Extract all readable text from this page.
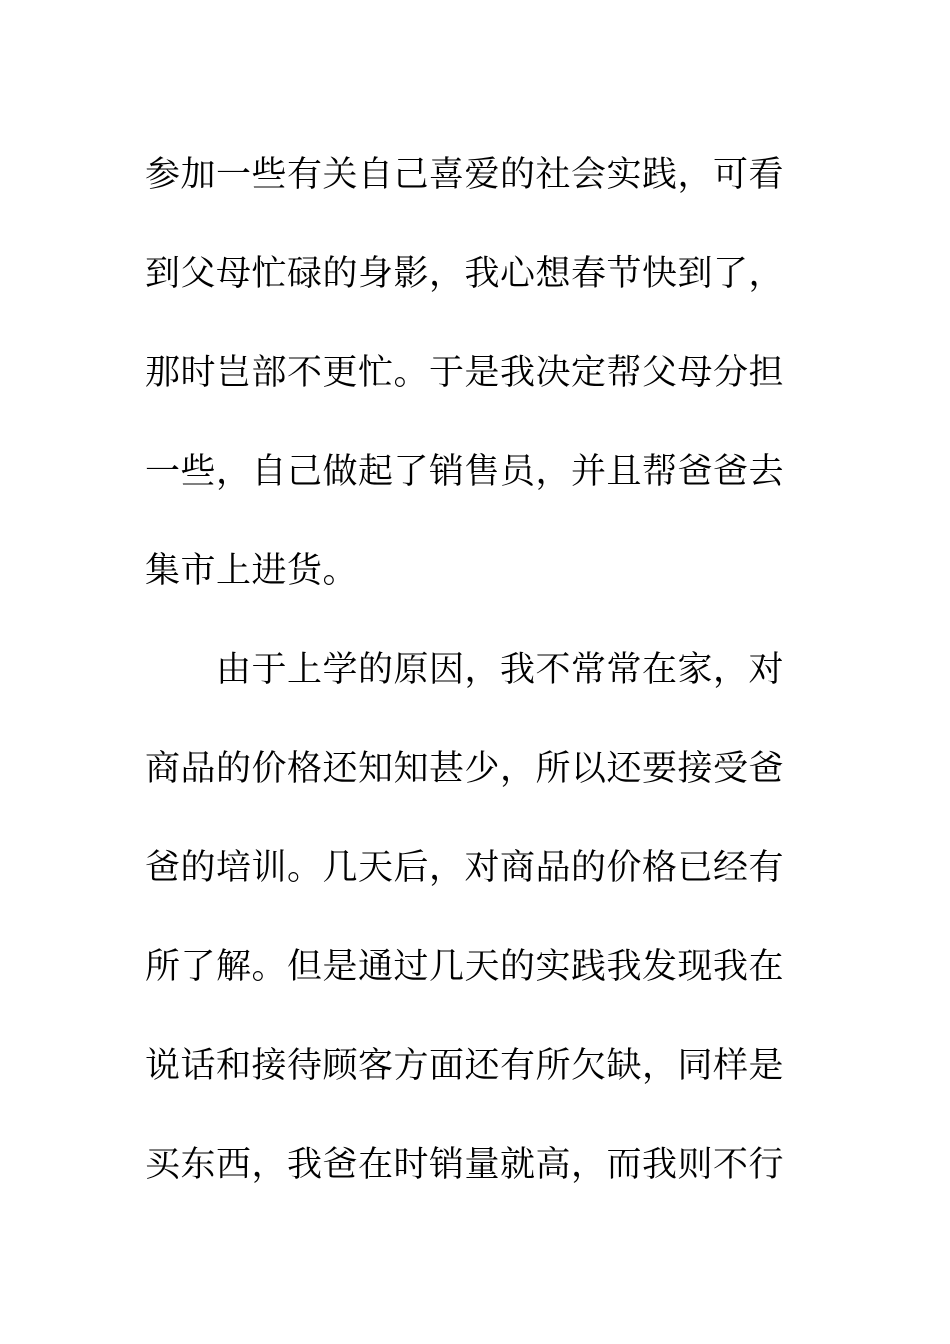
参加一些有关自己喜爱的社会实践，可看
到父母忙碌的身影，我心想春节快到了，
那时岂部不更忙。于是我决定帮父母分担
一些，自己做起了销售员，并且帮爸爸去
集市上进货。
由于上学的原因，我不常常在家，对
商品的价格还知知甚少，所以还要接受爸
爸的培训。几天后，对商品的价格已经有
所了解。但是通过几天的实践我发现我在
说话和接待顾客方面还有所欠缺，同样是
买东西，我爸在时销量就高，而我则不行
